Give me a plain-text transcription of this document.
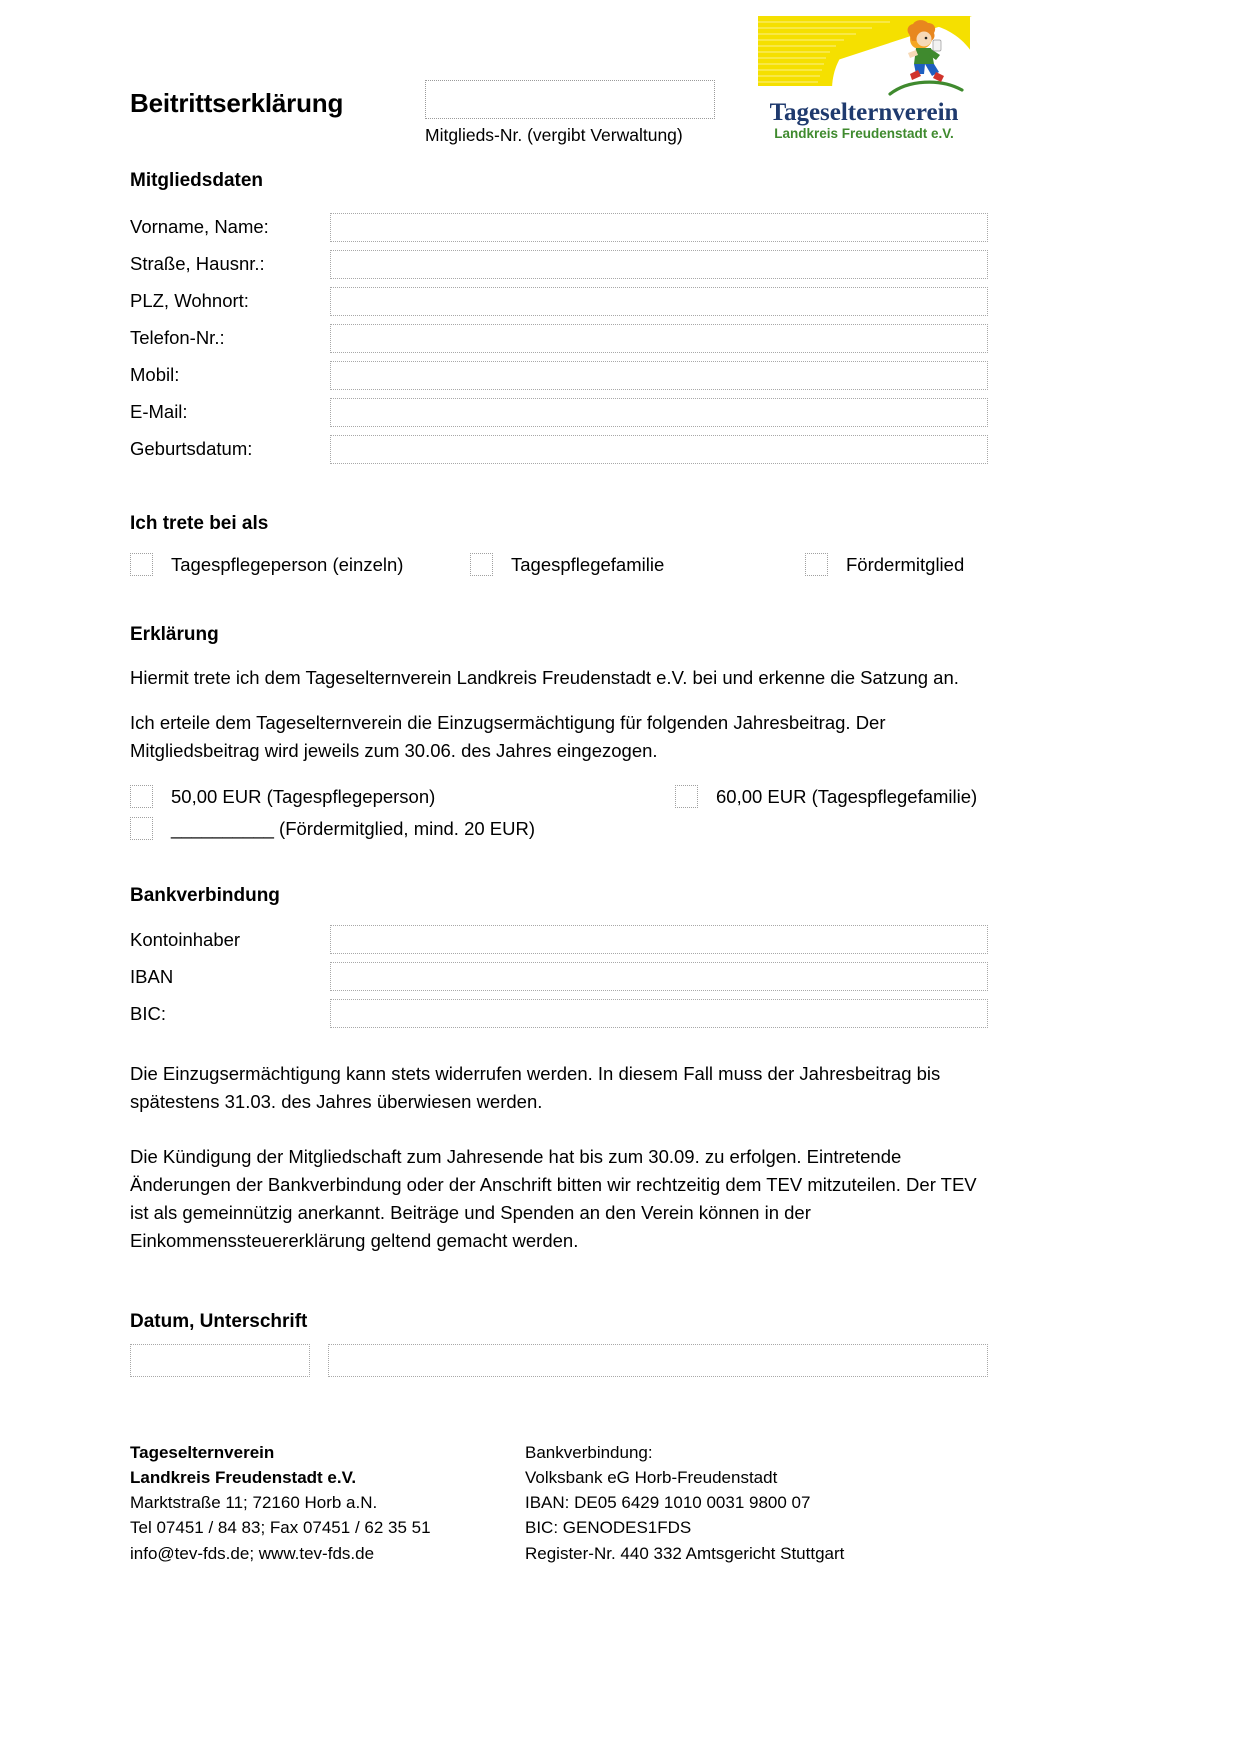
Beitrittserklärung
Mitglieds-Nr. (vergibt Verwaltung)
Tageselternverein
Landkreis Freudenstadt e.V.
Mitgliedsdaten
Vorname, Name:
Straße, Hausnr.:
PLZ, Wohnort:
Telefon-Nr.:
Mobil:
E-Mail:
Geburtsdatum:
Ich trete bei als
Tagespflegeperson (einzeln)	Tagespflegefamilie	Fördermitglied
Erklärung

Hiermit trete ich dem Tageselternverein Landkreis Freudenstadt e.V. bei und erkenne die Satzung an.

Ich erteile dem Tageselternverein die Einzugsermächtigung für folgenden Jahresbeitrag. Der Mitgliedsbeitrag wird jeweils zum 30.06. des Jahres eingezogen.

50,00 EUR (Tagespflegeperson)	60,00 EUR (Tagespflegefamilie)
__________ (Fördermitglied, mind. 20 EUR)
Bankverbindung
Kontoinhaber
IBAN
BIC:

Die Einzugsermächtigung kann stets widerrufen werden. In diesem Fall muss der Jahresbeitrag bis spätestens 31.03. des Jahres überwiesen werden.

Die Kündigung der Mitgliedschaft zum Jahresende hat bis zum 30.09. zu erfolgen. Eintretende Änderungen der Bankverbindung oder der Anschrift bitten wir rechtzeitig dem TEV mitzuteilen. Der TEV ist als gemeinnützig anerkannt. Beiträge und Spenden an den Verein können in der Einkommenssteuererklärung geltend gemacht werden.

Datum, Unterschrift
Tageselternverein
Landkreis Freudenstadt e.V.
Marktstraße 11; 72160 Horb a.N.
Tel 07451 / 84 83; Fax 07451 / 62 35 51
info@tev-fds.de; www.tev-fds.de
Bankverbindung:
Volksbank eG Horb-Freudenstadt
IBAN: DE05 6429 1010 0031 9800 07
BIC: GENODES1FDS
Register-Nr. 440 332 Amtsgericht Stuttgart
